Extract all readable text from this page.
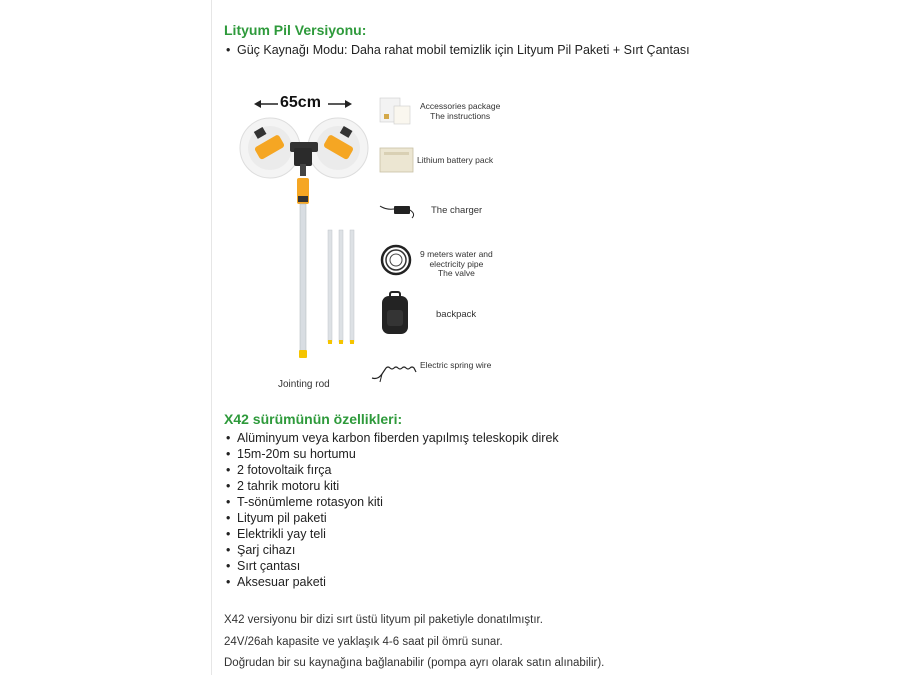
Lityum Pil Versiyonu:
• Güç Kaynağı Modu: Daha rahat mobil temizlik için Lityum Pil Paketi + Sırt Çantası
65cm
Jointing rod
Accessories package
The instructions
Lithium battery pack
The charger
9 meters water and
electricity pipe
The valve
backpack
Electric spring wire
X42 sürümünün özellikleri:
• Alüminyum veya karbon fiberden yapılmış teleskopik direk
• 15m-20m su hortumu
• 2 fotovoltaik fırça
• 2 tahrik motoru kiti
• T-sönümleme rotasyon kiti
• Lityum pil paketi
• Elektrikli yay teli
• Şarj cihazı
• Sırt çantası
• Aksesuar paketi

X42 versiyonu bir dizi sırt üstü lityum pil paketiyle donatılmıştır.

24V/26ah kapasite ve yaklaşık 4-6 saat pil ömrü sunar.

Doğrudan bir su kaynağına bağlanabilir (pompa ayrı olarak satın alınabilir).
